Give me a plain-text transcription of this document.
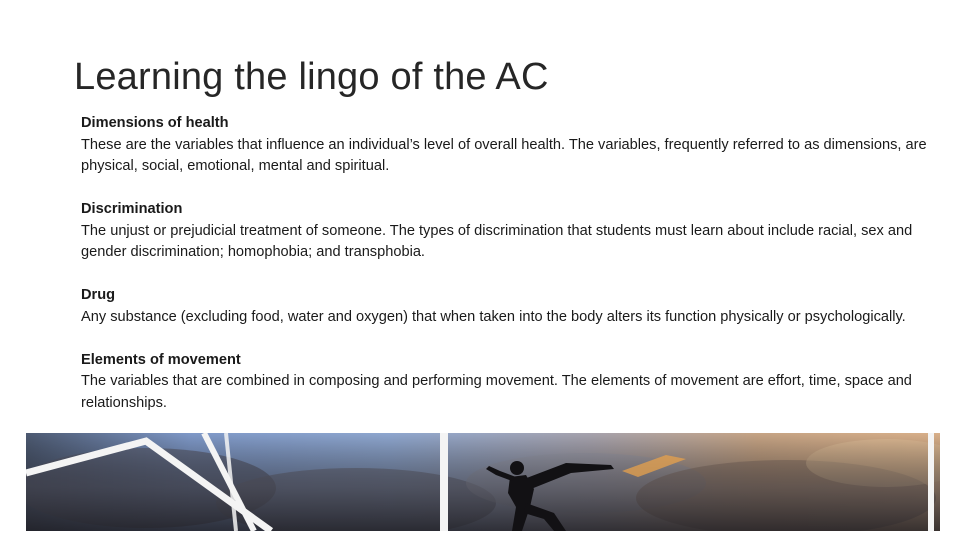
Learning the lingo of the AC
Dimensions of health
These are the variables that influence an individual’s level of overall health. The variables, frequently referred to as dimensions, are physical, social, emotional, mental and spiritual.
Discrimination
The unjust or prejudicial treatment of someone. The types of discrimination that students must learn about include racial, sex and gender discrimination; homophobia; and transphobia.
Drug
Any substance (excluding food, water and oxygen) that when taken into the body alters its function physically or psychologically.
Elements of movement
The variables that are combined in composing and performing movement. The elements of movement are effort, time, space and relationships.
